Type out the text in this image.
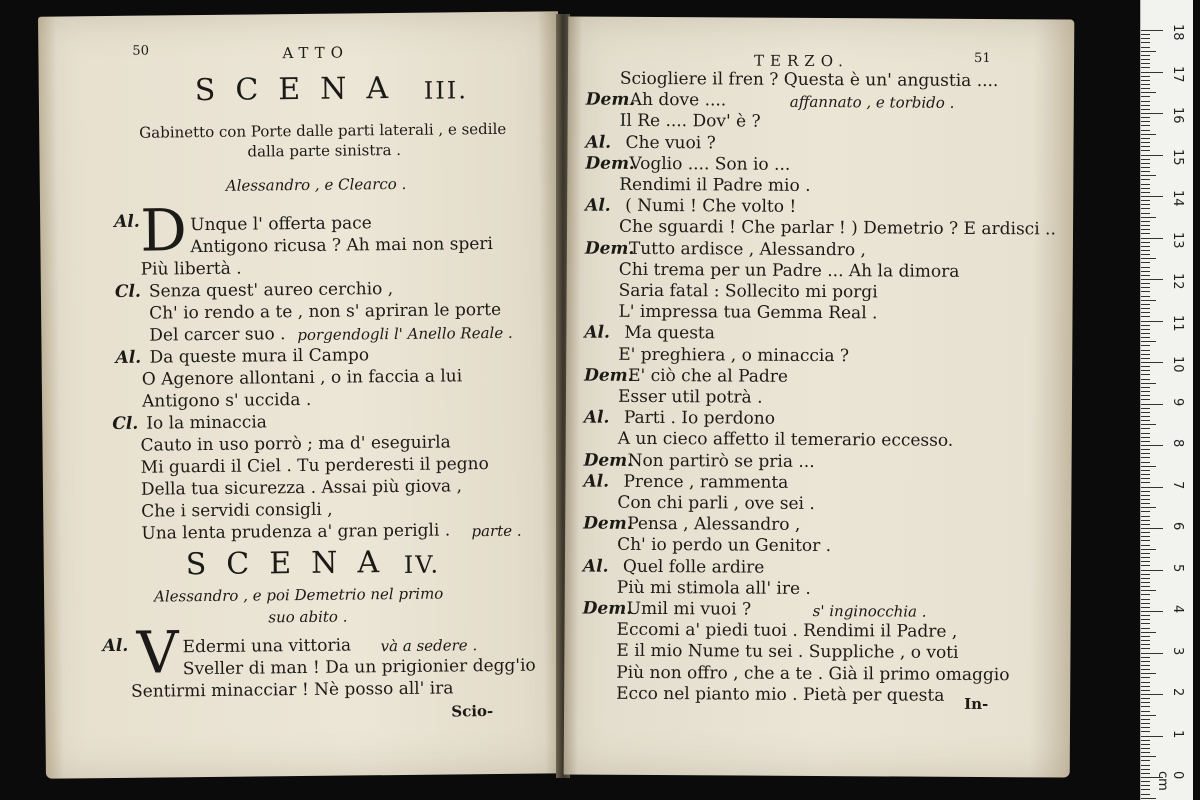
50	ATTO
SCENA III.
Gabinetto con Porte dalle parti laterali , e sedile
dalla parte sinistra .
Alessandro , e Clearco .
Al. D Unque l' offerta pace
Antigono ricusa ? Ah mai non speri
Più libertà .
Cl. Senza quest' aureo cerchio ,
Ch' io rendo a te , non s' apriran le porte
Del carcer suo . porgendogli l' Anello Reale .
Al. Da queste mura il Campo
O Agenore allontani , o in faccia a lui
Antigono s' uccida .
Cl. Io la minaccia
Cauto in uso porrò ; ma d' eseguirla
Mi guardi il Ciel . Tu perderesti il pegno
Della tua sicurezza . Assai più giova ,
Che i servidi consigli ,
Una lenta prudenza a' gran perigli . parte .
SCENA IV.
Alessandro , e poi Demetrio nel primo
suo abito .
Al. V Edermi una vittoria và a sedere .
Sveller di man ! Da un prigionier degg'io
Sentirmi minacciar ! Nè posso all' ira
Scio-
TERZO.	51
Sciogliere il fren ? Questa è un' angustia ....
Dem.
Ah dove ....	affannato , e torbido .
Il Re .... Dov' è ?
Al. Che vuoi ?
Dem.
Voglio .... Son io ...
Rendimi il Padre mio .
Al. ( Numi ! Che volto !
Che sguardi ! Che parlar ! ) Demetrio ? E ardisci ..
Dem.
Tutto ardisce , Alessandro ,
Chi trema per un Padre ... Ah la dimora
Saria fatal : Sollecito mi porgi
L' impressa tua Gemma Real .
Al. Ma questa
E' preghiera , o minaccia ?
Dem.
E' ciò che al Padre
Esser util potrà .
Al. Parti . Io perdono
A un cieco affetto il temerario eccesso.
Dem.
Non partirò se pria ...
Al. Prence , rammenta
Con chi parli , ove sei .
Dem.
Pensa , Alessandro ,
Ch' io perdo un Genitor .
Al. Quel folle ardire
Più mi stimola all' ire .
Dem.
Umil mi vuoi ?	s' inginocchia .
Eccomi a' piedi tuoi . Rendimi il Padre ,
E il mio Nume tu sei . Suppliche , o voti
Più non offro , che a te . Già il primo omaggio
Ecco nel pianto mio . Pietà per questa In-
18
17
16
15
14
13
12
11
10
9
8
7
6
5
4
3
2
1
0 cm
